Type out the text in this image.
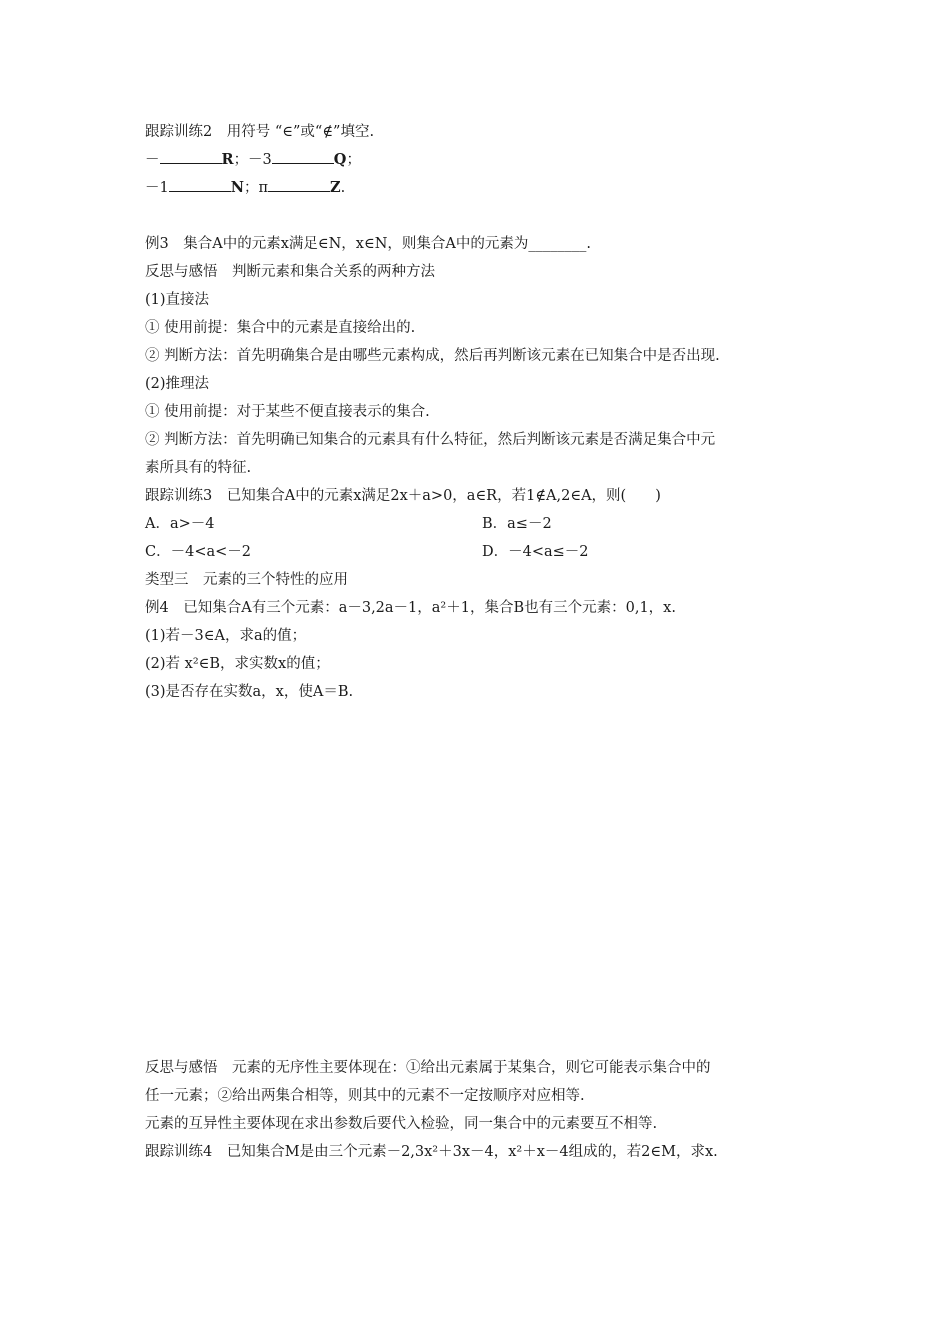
跟踪训练2　 用符号 “∈”或“∉”填空.
－	R；－3	Q；
－1	N；π	Z.
例3　 集合A中的元素x满足∈N，x∈N，则集合A中的元素为________.
反思与感悟　判断元素和集合关系的两种方法
(1)直接法
① 使用前提：集合中的元素是直接给出的.
② 判断方法：首先明确集合是由哪些元素构成，然后再判断该元素在已知集合中是否出现.
(2)推理法
① 使用前提：对于某些不便直接表示的集合.
② 判断方法：首先明确已知集合的元素具有什么特征，然后判断该元素是否满足集合中元
素所具有的特征.
跟踪训练3　已知集合A中的元素x满足2x＋a>0，a∈R，若1∉A,2∈A，则(　　)
A．a>－4	B．a≤－2
C．－4<a<－2	D．－4<a≤－2
类型三　元素的三个特性的应用
例4　已知集合A有三个元素：a－3,2a－1，a²＋1，集合B也有三个元素：0,1，x.
(1)若－3∈A，求a的值；
(2)若 x²∈B，求实数x的值；
(3)是否存在实数a，x，使A＝B.
反思与感悟　元素的无序性主要体现在：①给出元素属于某集合，则它可能表示集合中的
任一元素；②给出两集合相等，则其中的元素不一定按顺序对应相等.
元素的互异性主要体现在求出参数后要代入检验，同一集合中的元素要互不相等.
跟踪训练4　已知集合M是由三个元素－2,3x²＋3x－4，x²＋x－4组成的，若2∈M，求x.
